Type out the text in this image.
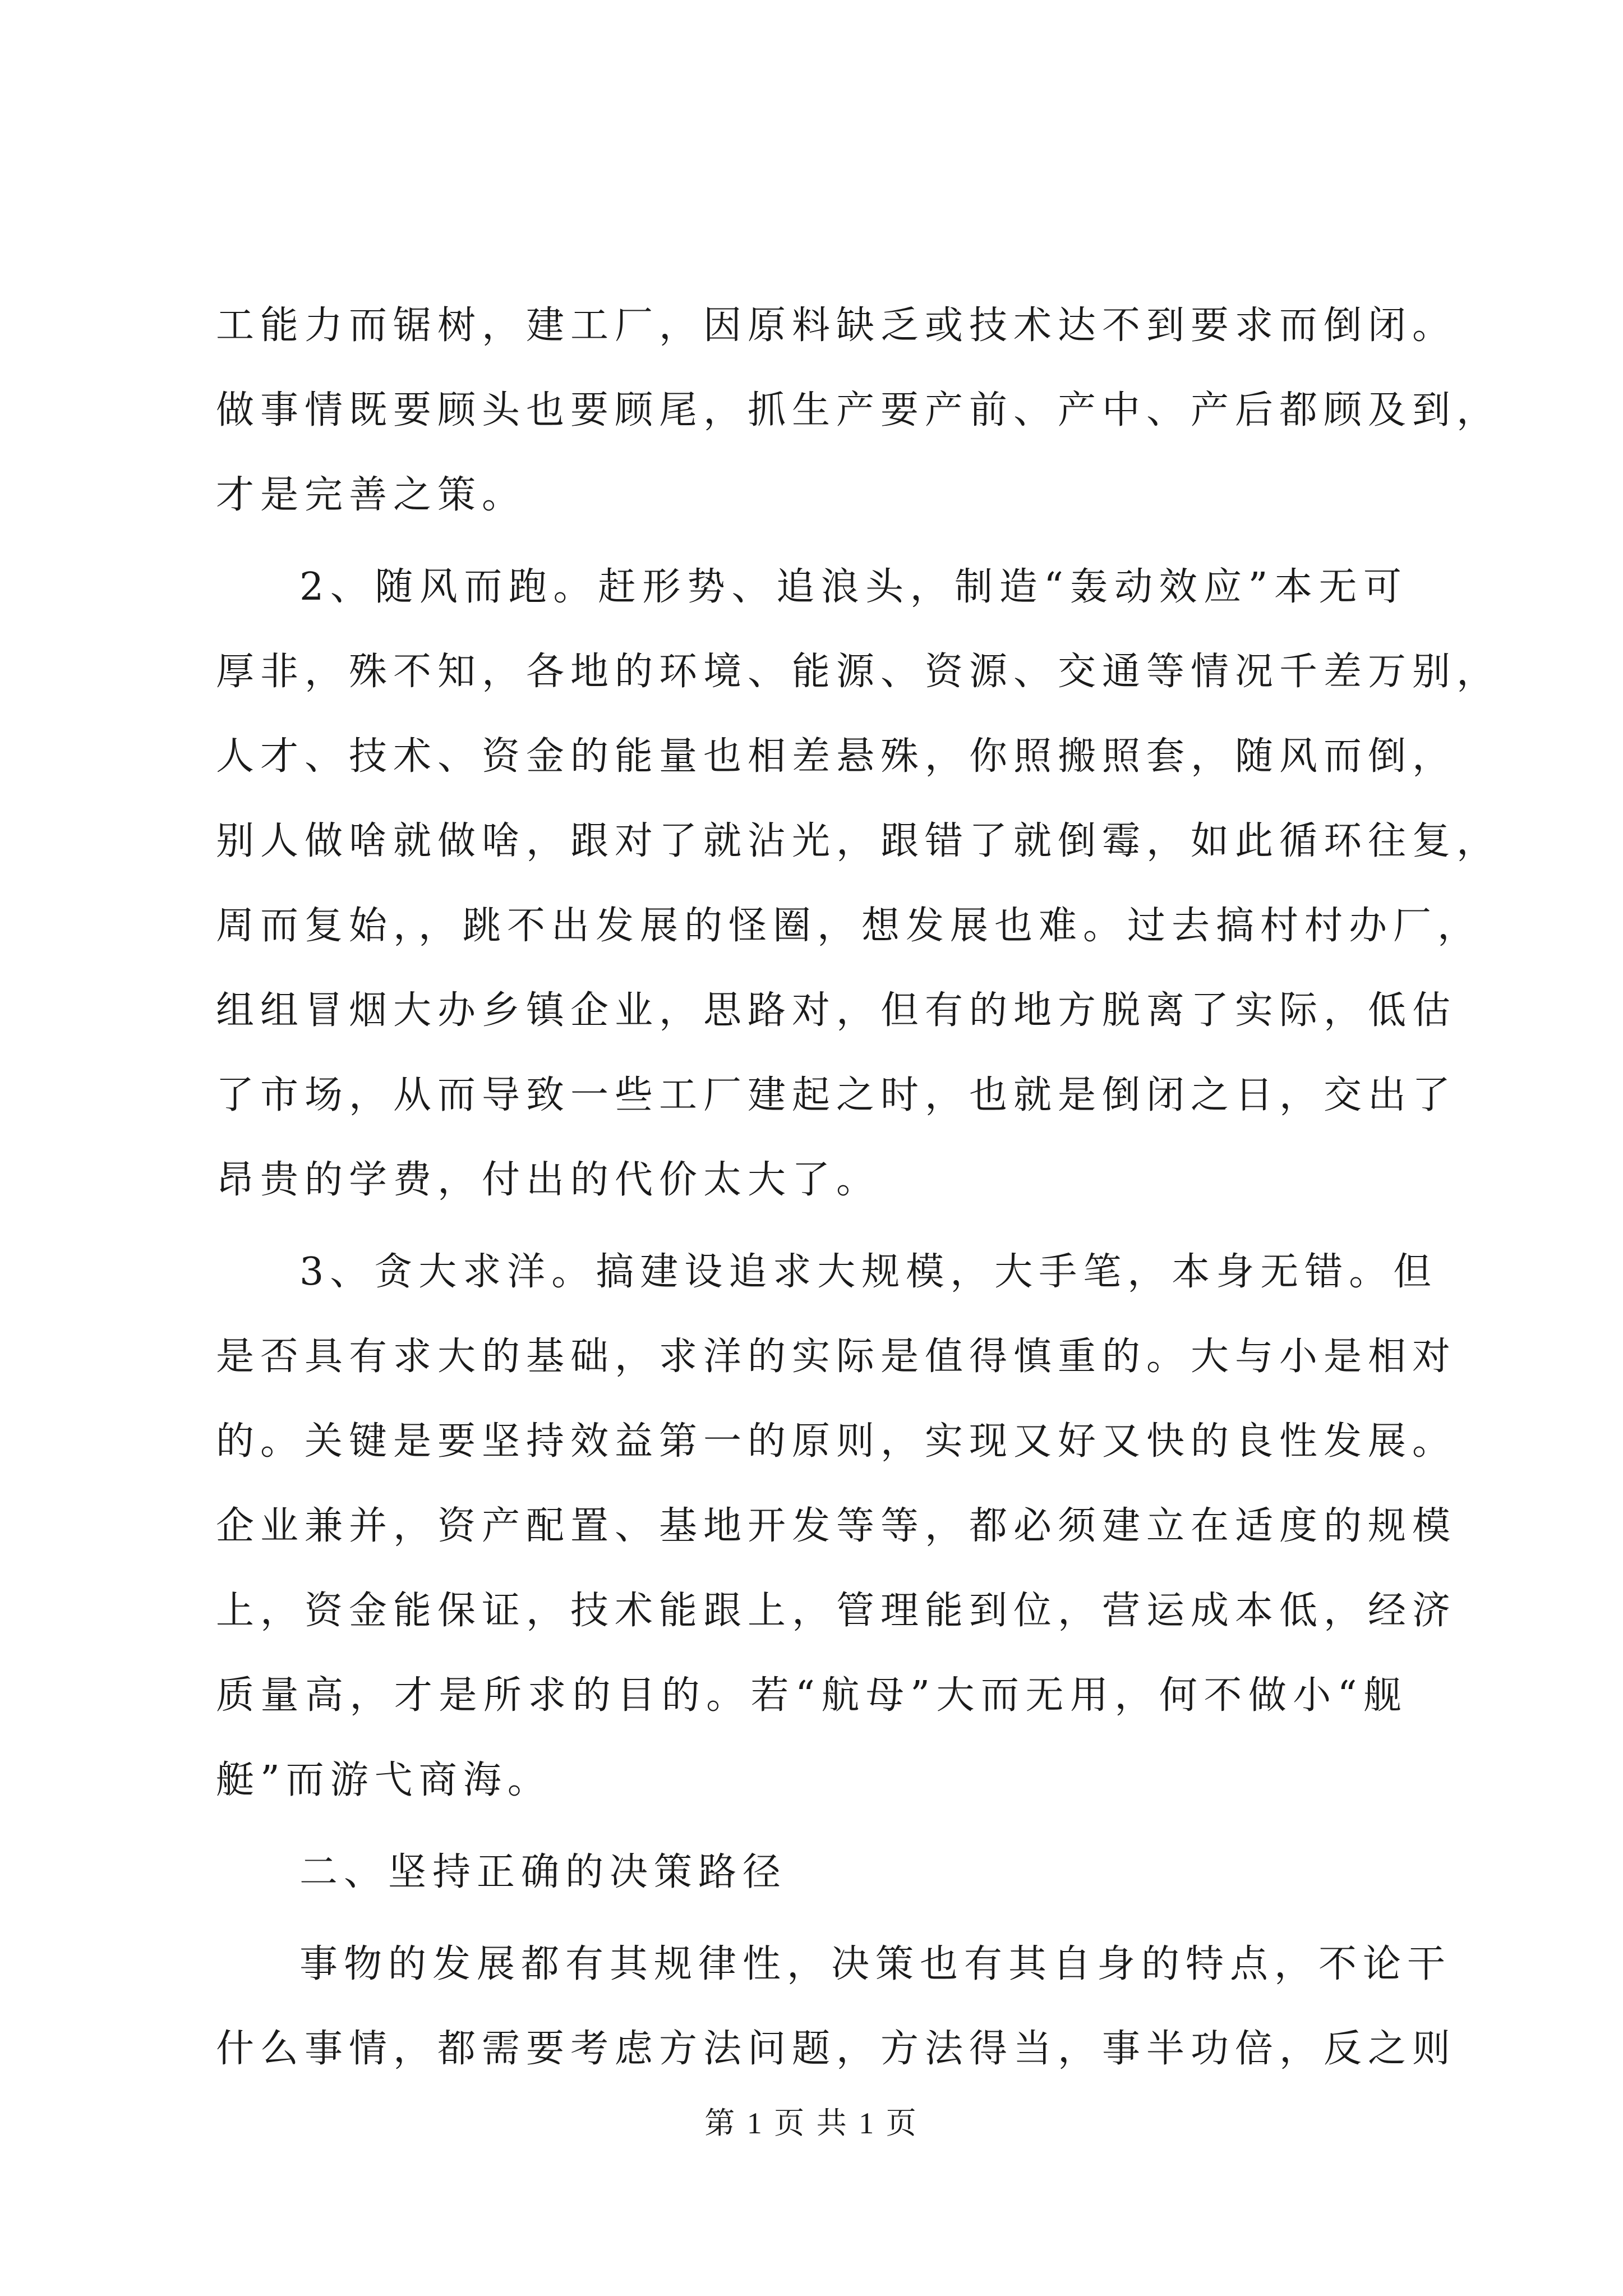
工能力而锯树，建工厂，因原料缺乏或技术达不到要求而倒闭。
做事情既要顾头也要顾尾，抓生产要产前、产中、产后都顾及到，
才是完善之策。
2、随风而跑。赶形势、追浪头，制造“轰动效应”本无可
厚非，殊不知，各地的环境、能源、资源、交通等情况千差万别，
人才、技术、资金的能量也相差悬殊，你照搬照套，随风而倒，
别人做啥就做啥，跟对了就沾光，跟错了就倒霉，如此循环往复，
周而复始，，跳不出发展的怪圈，想发展也难。过去搞村村办厂，
组组冒烟大办乡镇企业，思路对，但有的地方脱离了实际，低估
了市场，从而导致一些工厂建起之时，也就是倒闭之日，交出了
昂贵的学费，付出的代价太大了。
3、贪大求洋。搞建设追求大规模，大手笔，本身无错。但
是否具有求大的基础，求洋的实际是值得慎重的。大与小是相对
的。关键是要坚持效益第一的原则，实现又好又快的良性发展。
企业兼并，资产配置、基地开发等等，都必须建立在适度的规模
上，资金能保证，技术能跟上，管理能到位，营运成本低，经济
质量高，才是所求的目的。若“航母”大而无用，何不做小“舰
艇”而游弋商海。
二、坚持正确的决策路径
事物的发展都有其规律性，决策也有其自身的特点，不论干
什么事情，都需要考虑方法问题，方法得当，事半功倍，反之则
第 1 页 共 1 页
